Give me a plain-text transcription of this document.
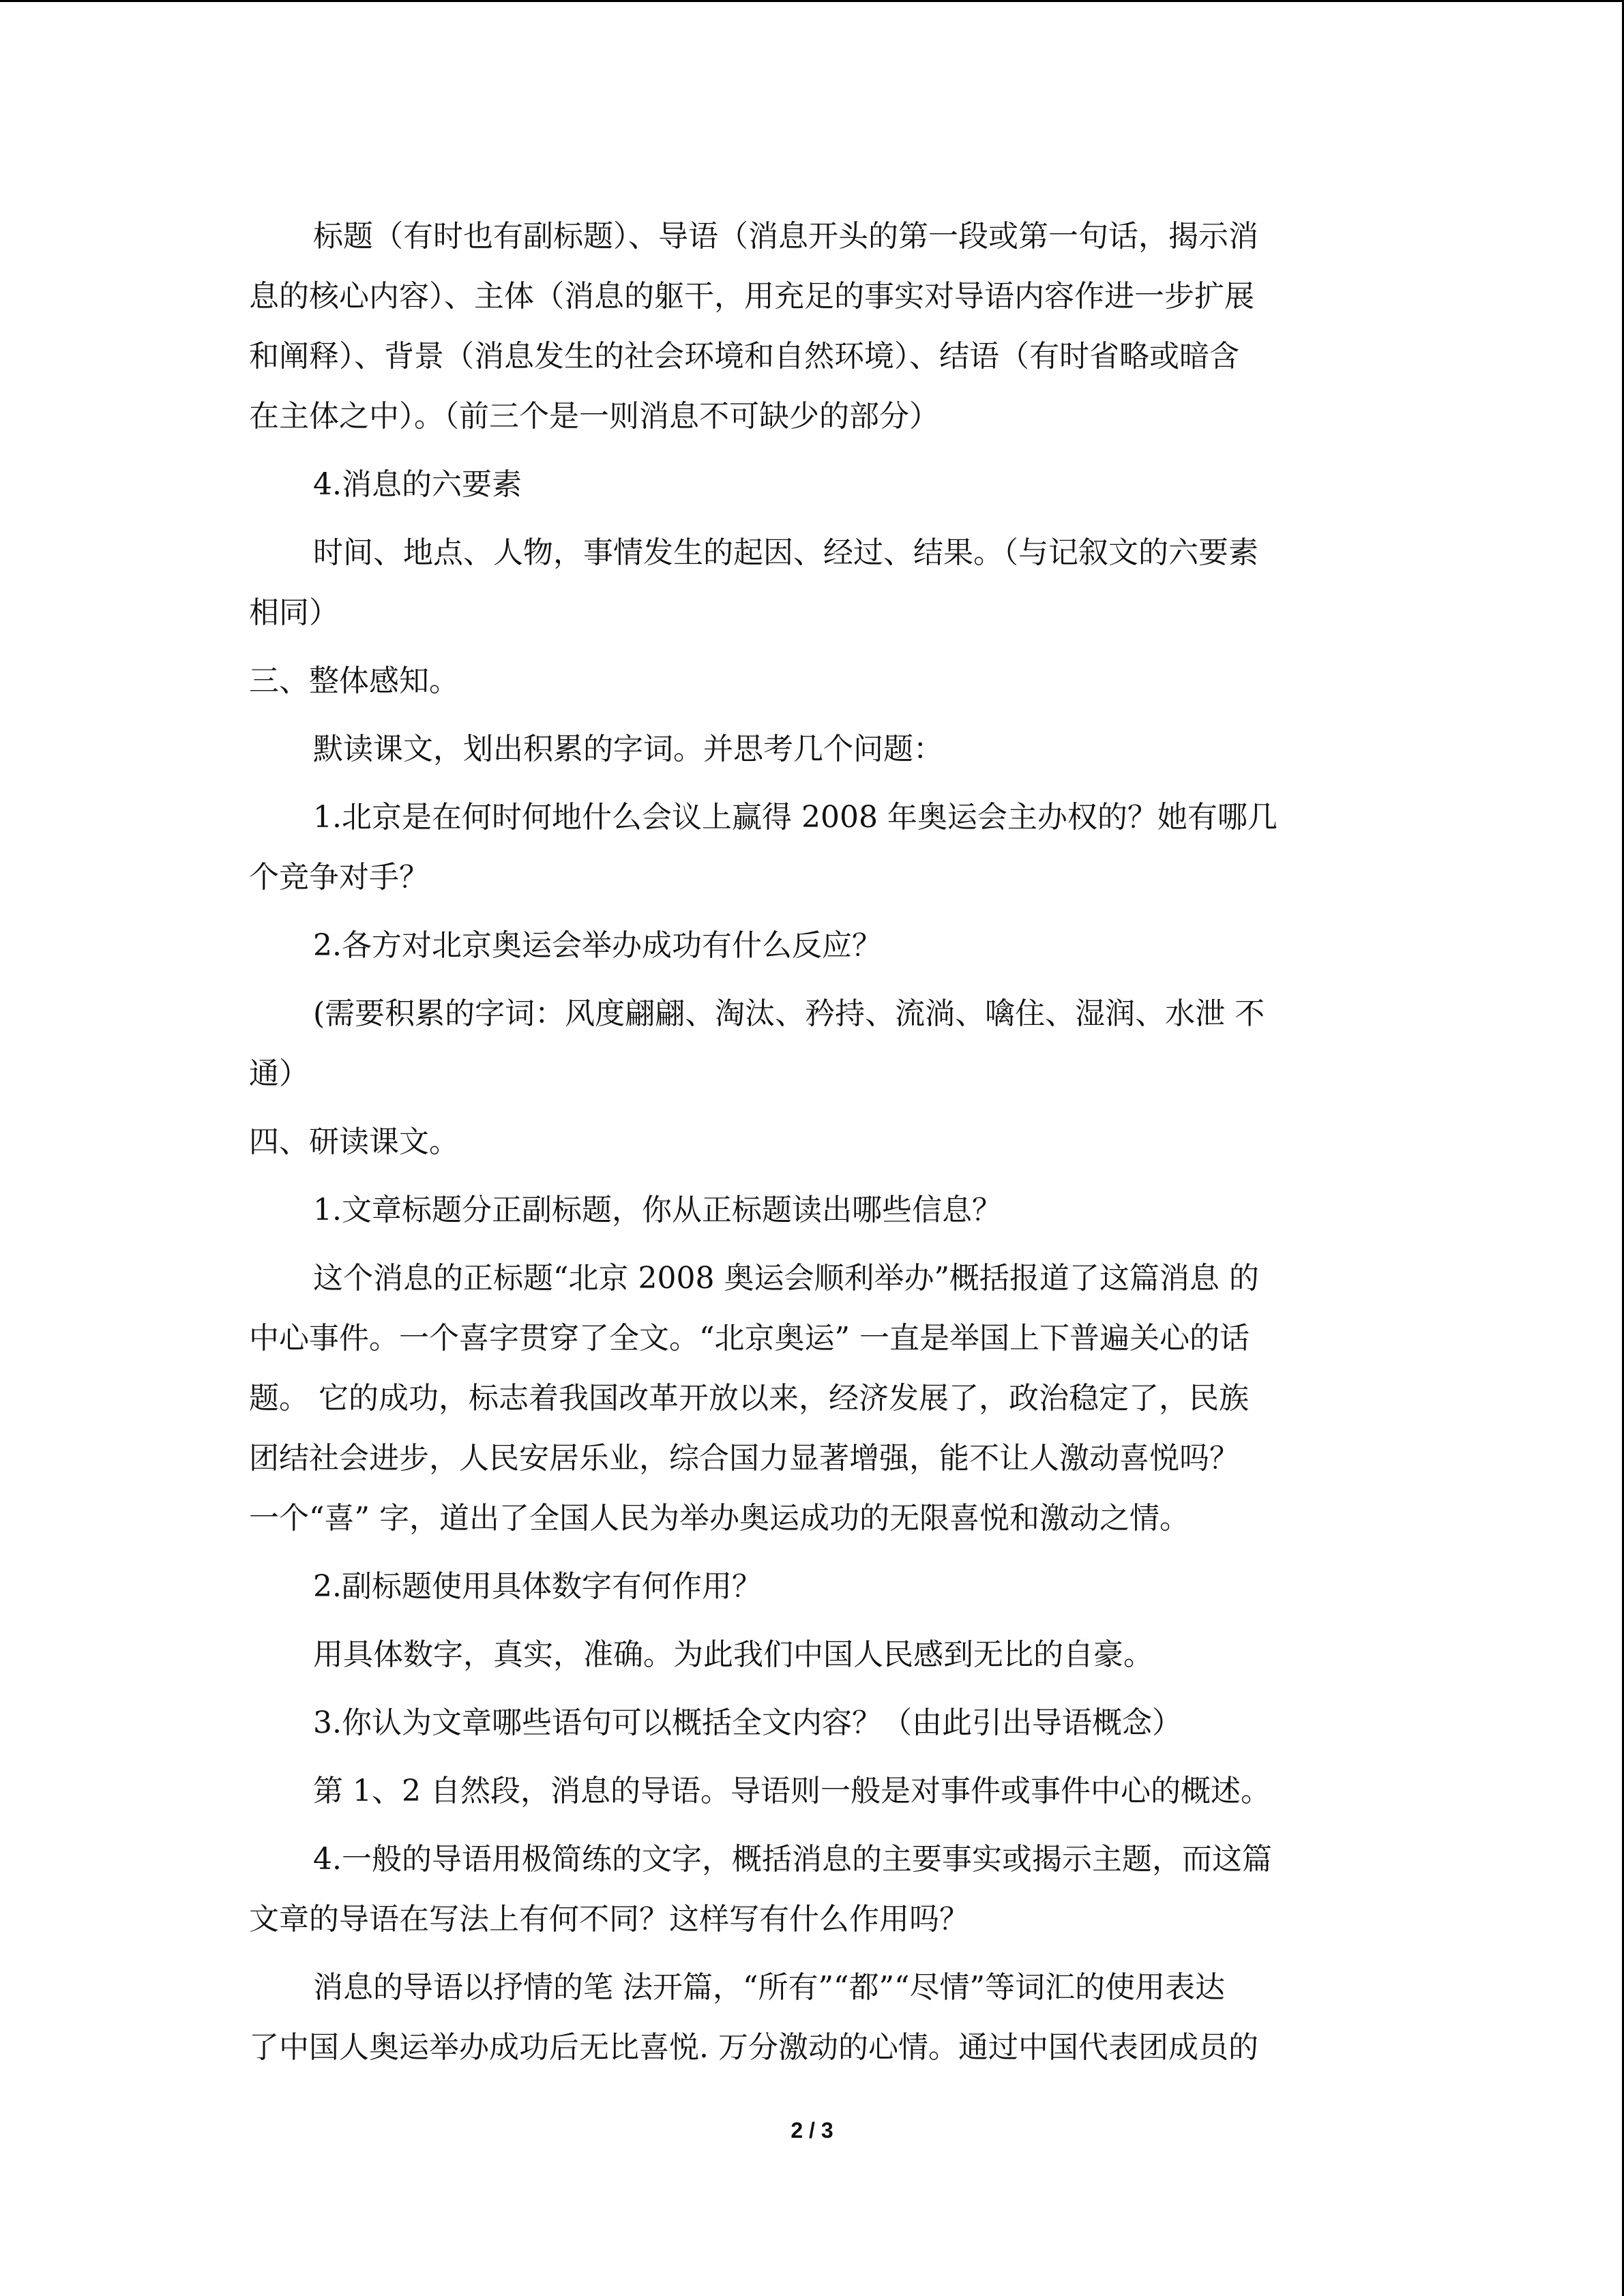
标题（有时也有副标题）、导语（消息开头的第一段或第一句话，揭示消
息的核心内容）、主体（消息的躯干，用充足的事实对导语内容作进一步扩展
和阐释）、背景（消息发生的社会环境和自然环境）、结语（有时省略或暗含
在主体之中）。（前三个是一则消息不可缺少的部分）
4.消息的六要素
时间、地点、人物，事情发生的起因、经过、结果。（与记叙文的六要素
相同）
三、整体感知。
默读课文，划出积累的字词。并思考几个问题：
1.北京是在何时何地什么会议上赢得 2008 年奥运会主办权的？她有哪几
个竞争对手？
2.各方对北京奥运会举办成功有什么反应？
(需要积累的字词：风度翩翩、淘汰、矜持、流淌、噙住、湿润、水泄 不
通）
四、研读课文。
1.文章标题分正副标题，你从正标题读出哪些信息？
这个消息的正标题“北京 2008 奥运会顺利举办”概括报道了这篇消息 的
中心事件。一个喜字贯穿了全文。“北京奥运” 一直是举国上下普遍关心的话
题。 它的成功，标志着我国改革开放以来，经济发展了，政治稳定了，民族
团结社会进步，人民安居乐业，综合国力显著增强，能不让人激动喜悦吗？
一个“喜” 字，道出了全国人民为举办奥运成功的无限喜悦和激动之情。
2.副标题使用具体数字有何作用？
用具体数字，真实，准确。为此我们中国人民感到无比的自豪。
3.你认为文章哪些语句可以概括全文内容？（由此引出导语概念）
第 1、2 自然段，消息的导语。导语则一般是对事件或事件中心的概述。
4.一般的导语用极简练的文字，概括消息的主要事实或揭示主题，而这篇
文章的导语在写法上有何不同？这样写有什么作用吗？
消息的导语以抒情的笔 法开篇，“所有”“都”“尽情”等词汇的使用表达
了中国人奥运举办成功后无比喜悦. 万分激动的心情。通过中国代表团成员的
2 / 3
